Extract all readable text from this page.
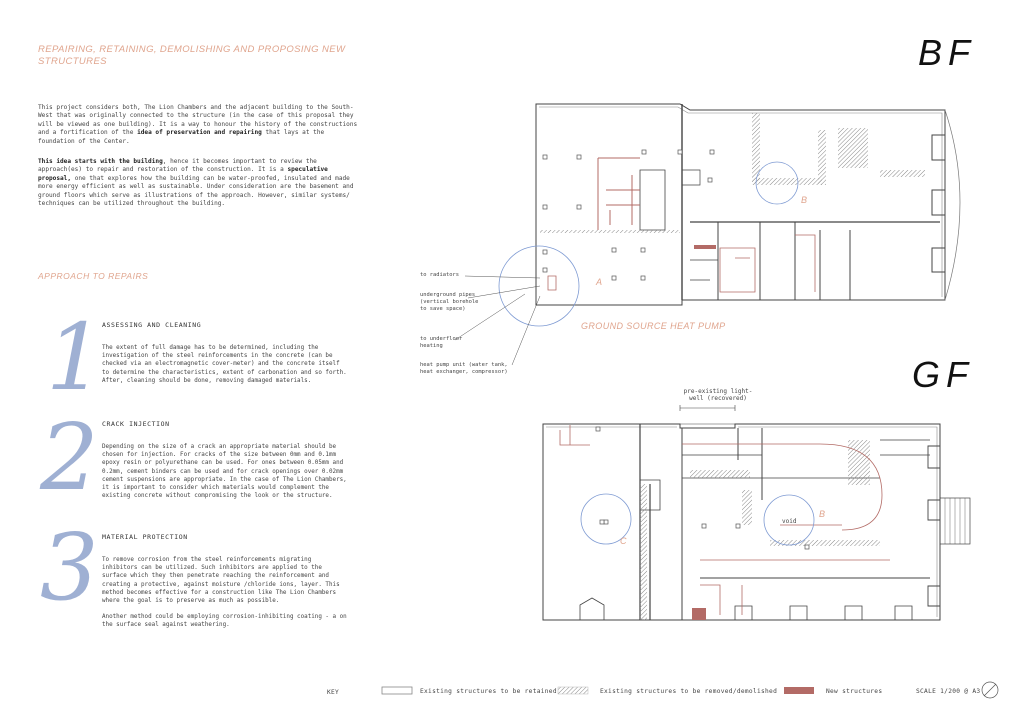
REPAIRING, RETAINING, DEMOLISHING AND PROPOSING NEW STRUCTURES
This project considers both, The Lion Chambers and the adjacent building to the South-West that was originally connected to the structure (in the case of this proposal they will be viewed as one building). It is a way to honour the history of the constructions and a fortification of the idea of preservation and repairing that lays at the foundation of the Center.
This idea starts with the building, hence it becomes important to review the approach(es) to repair and restoration of the construction. It is a speculative proposal, one that explores how the building can be water-proofed, insulated and made more energy efficient as well as sustainable. Under consideration are the basement and ground floors which serve as illustrations of the approach. However, similar systems/ techniques can be utilized throughout the building.
APPROACH TO REPAIRS
1
ASSESSING AND CLEANING
The extent of full damage has to be determined, including the investigation of the steel reinforcements in the concrete (can be checked via an electromagnetic cover-meter) and the concrete itself to determine the characteristics, extent of carbonation and so forth. After, cleaning should be done, removing damaged materials.
2 CRACK INJECTION
Depending on the size of a crack an appropriate material should be chosen for injection. For cracks of the size between 0mm and 0.1mm epoxy resin or polyurethane can be used. For ones between 0.05mm and 0.2mm, cement binders can be used and for crack openings over 0.02mm cement suspensions are appropriate. In the case of The Lion Chambers, it is important to consider which materials would complement the existing concrete without compromising the look or the structure.
3 MATERIAL PROTECTION
To remove corrosion from the steel reinforcements migrating inhibitors can be utilized. Such inhibitors are applied to the surface which they then penetrate reaching the reinforcement and creating a protective, against moisture /chloride ions, layer. This method becomes effective for a construction like The Lion Chambers where the goal is to preserve as much as possible.
Another method could be employing corrosion-inhibiting coating - a on the surface seal against weathering.
BF
GF
to radiators
underground pipes (vertical borehole to save space)
to underfloor heating
heat pump unit (water tank, heat exchanger, compressor)
A
B
GROUND SOURCE HEAT PUMP
pre-existing light-well (recovered)
void
B
C
KEY	Existing structures to be retained	Existing structures to be removed/demolished	New structures	SCALE 1/200 @ A3
